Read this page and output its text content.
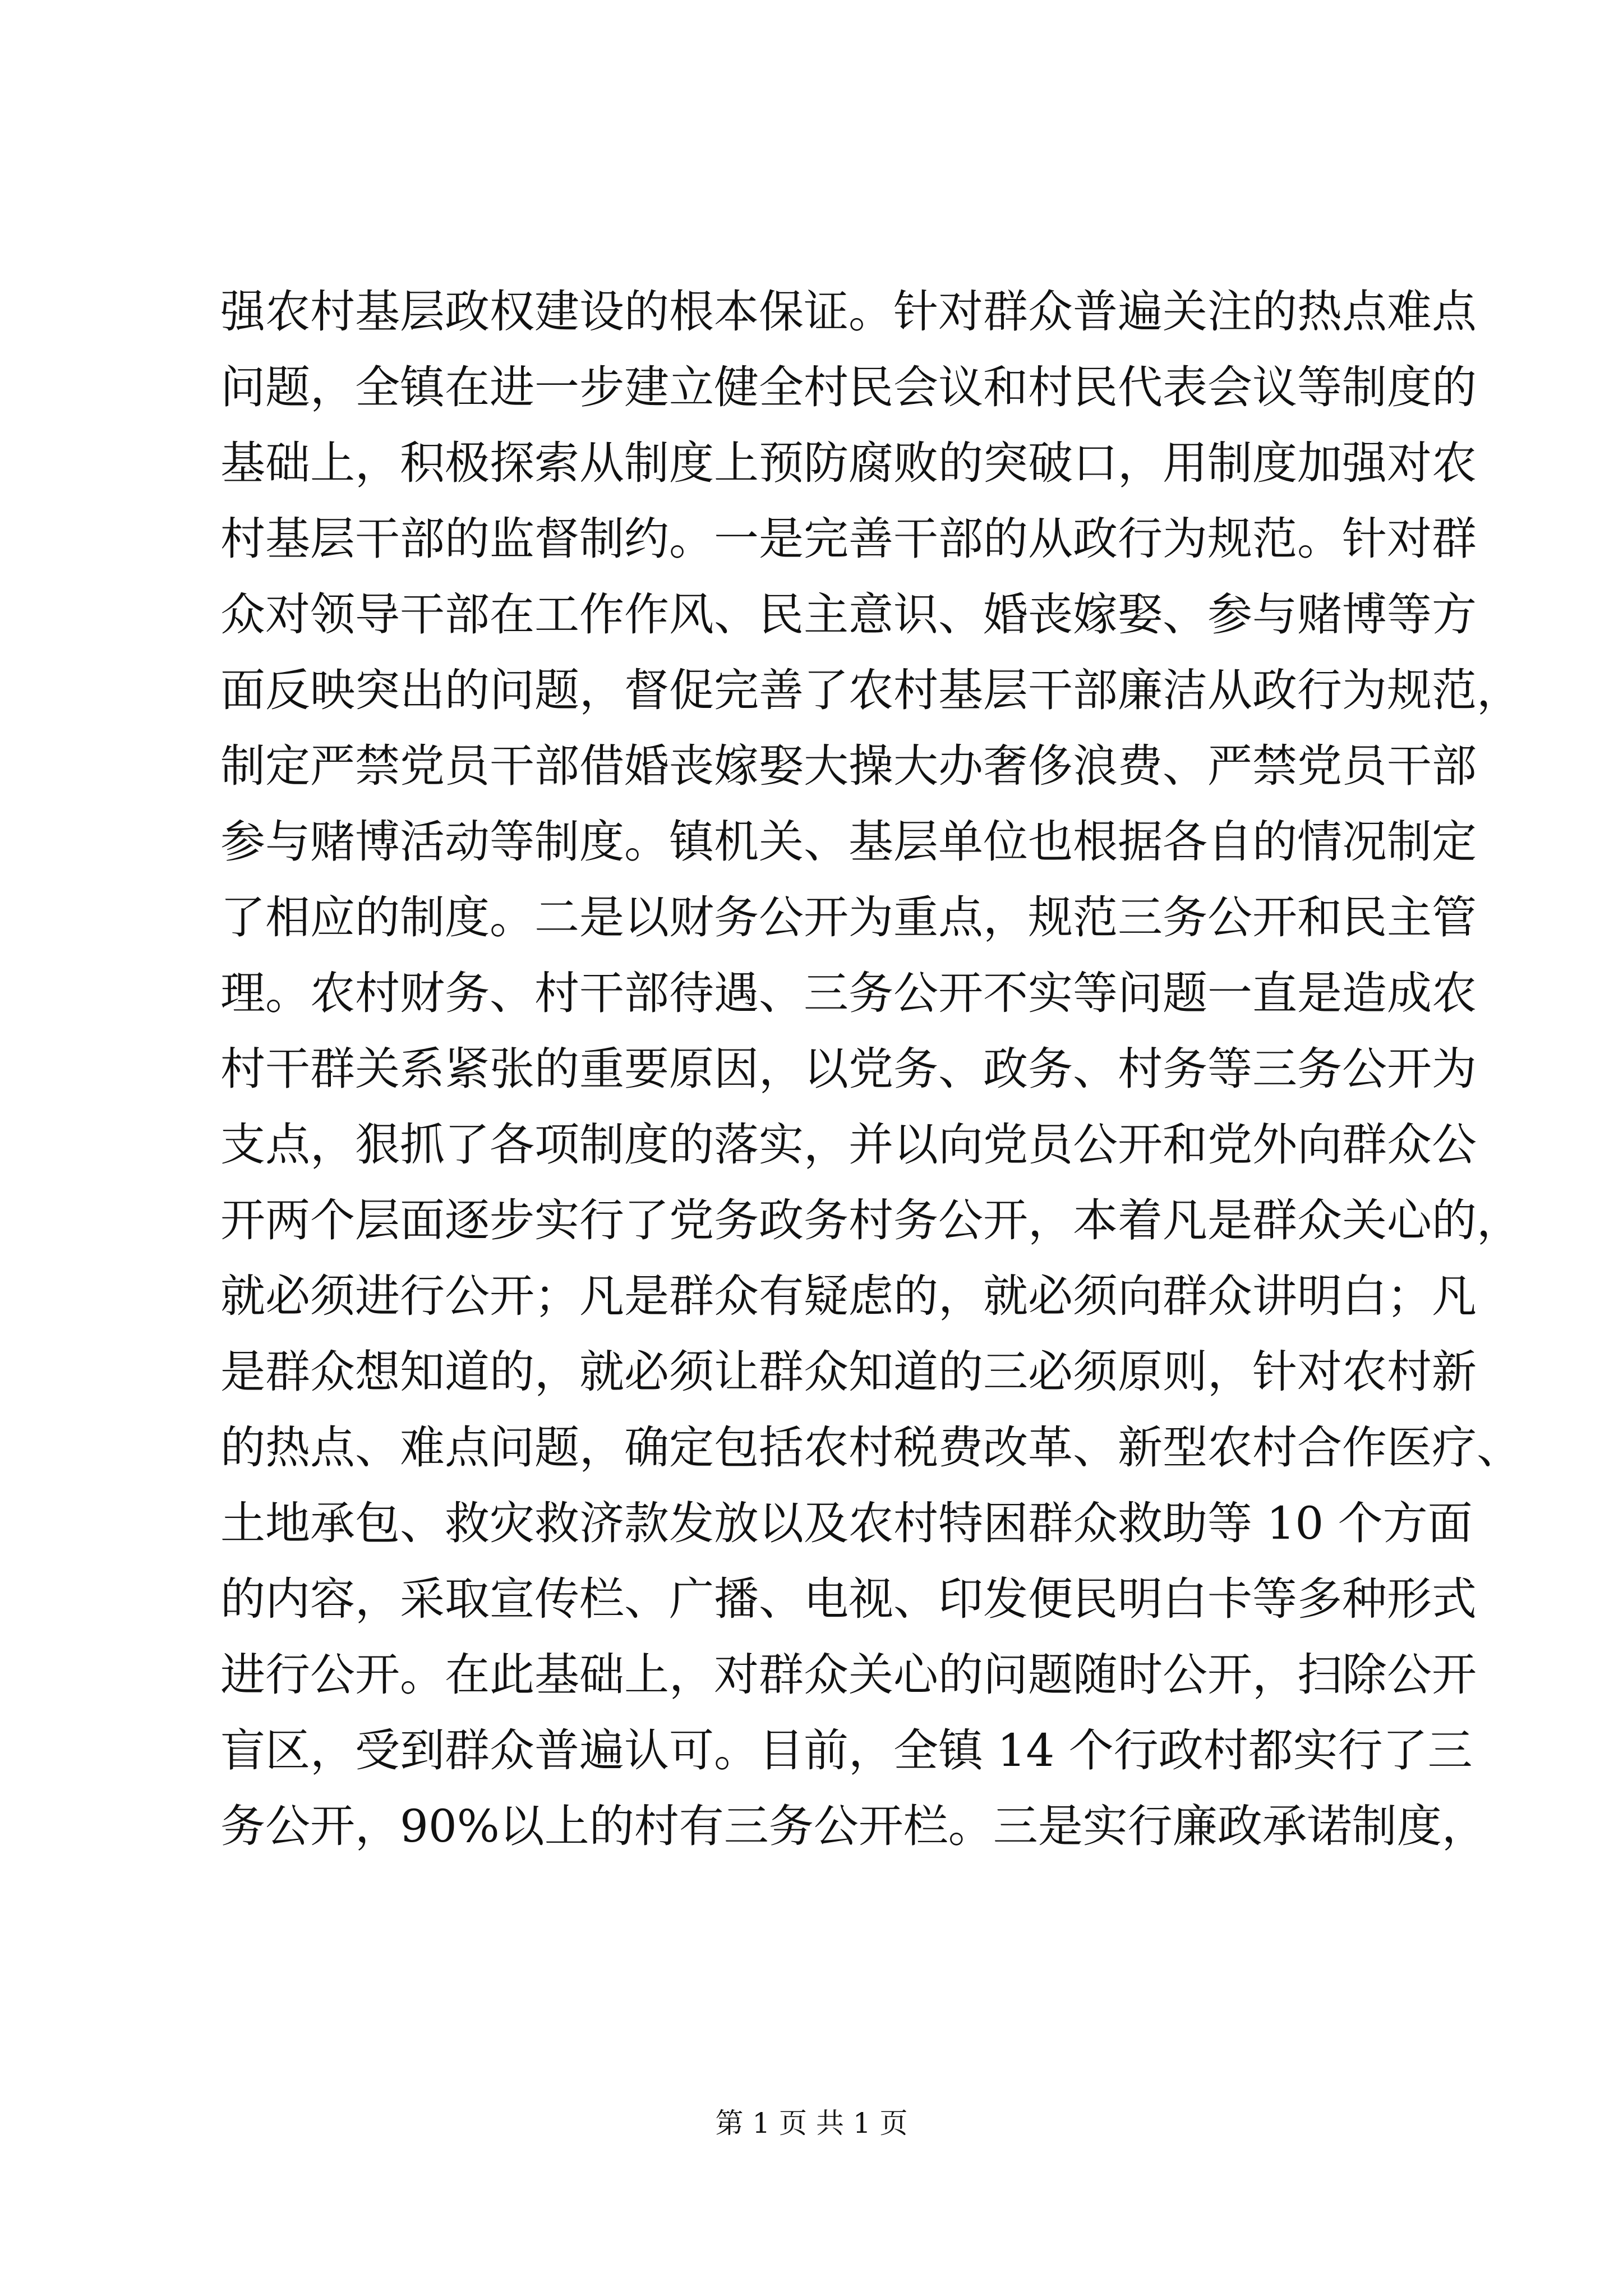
强农村基层政权建设的根本保证。针对群众普遍关注的热点难点
问题，全镇在进一步建立健全村民会议和村民代表会议等制度的
基础上，积极探索从制度上预防腐败的突破口，用制度加强对农
村基层干部的监督制约。一是完善干部的从政行为规范。针对群
众对领导干部在工作作风、民主意识、婚丧嫁娶、参与赌博等方
面反映突出的问题，督促完善了农村基层干部廉洁从政行为规范，
制定严禁党员干部借婚丧嫁娶大操大办奢侈浪费、严禁党员干部
参与赌博活动等制度。镇机关、基层单位也根据各自的情况制定
了相应的制度。二是以财务公开为重点，规范三务公开和民主管
理。农村财务、村干部待遇、三务公开不实等问题一直是造成农
村干群关系紧张的重要原因，以党务、政务、村务等三务公开为
支点，狠抓了各项制度的落实，并以向党员公开和党外向群众公
开两个层面逐步实行了党务政务村务公开，本着凡是群众关心的，
就必须进行公开；凡是群众有疑虑的，就必须向群众讲明白；凡
是群众想知道的，就必须让群众知道的三必须原则，针对农村新
的热点、难点问题，确定包括农村税费改革、新型农村合作医疗、
土地承包、救灾救济款发放以及农村特困群众救助等 10 个方面
的内容，采取宣传栏、广播、电视、印发便民明白卡等多种形式
进行公开。在此基础上，对群众关心的问题随时公开，扫除公开
盲区，受到群众普遍认可。目前，全镇 14 个行政村都实行了三
务公开，90%以上的村有三务公开栏。三是实行廉政承诺制度，
第 1 页 共 1 页
